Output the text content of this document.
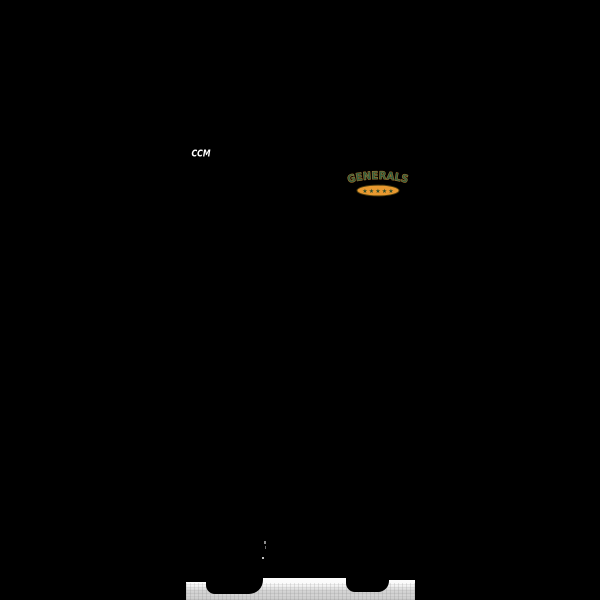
CCM
GENERALS
★★★★★
